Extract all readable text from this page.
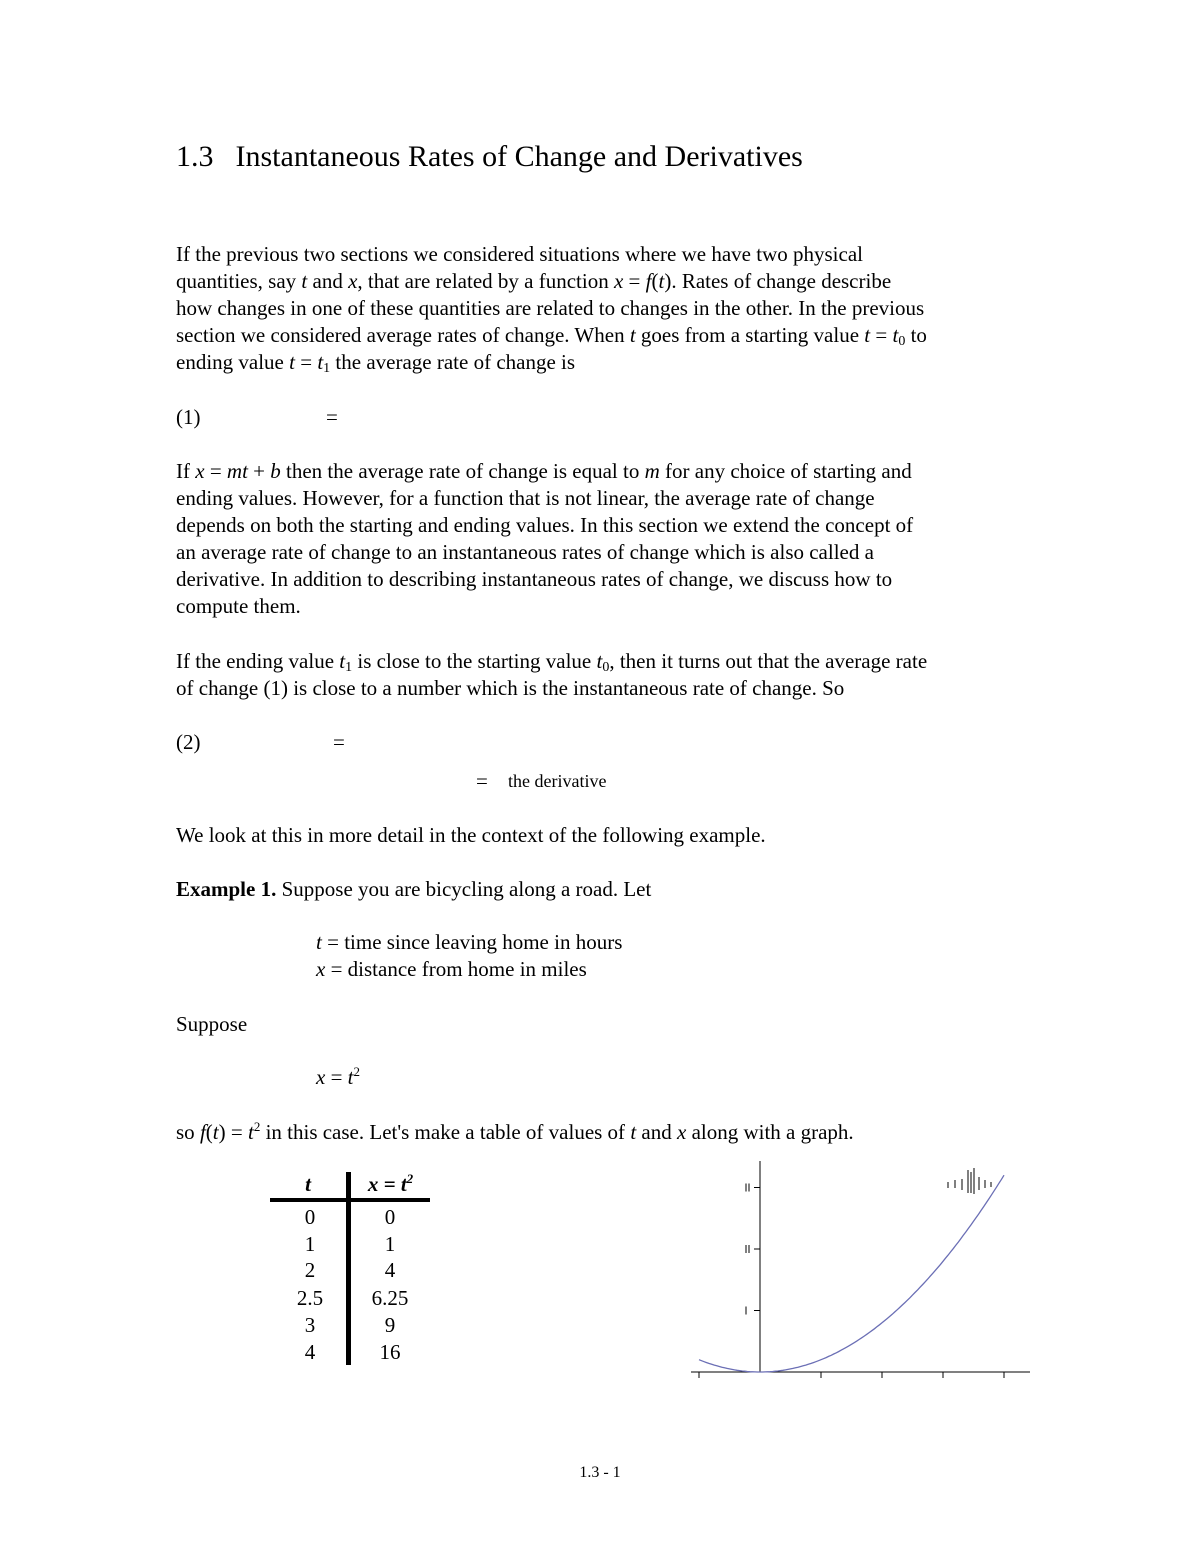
1.3 Instantaneous Rates of Change and Derivatives
If the previous two sections we considered situations where we have two physical
quantities, say t and x, that are related by a function x = f(t). Rates of change describe
how changes in one of these quantities are related to changes in the other. In the previous
section we considered average rates of change. When t goes from a starting value $t = t_0$ to
ending value $t = t_1$ the average rate of change is
(1)	=
If x = mt + b then the average rate of change is equal to m for any choice of starting and
ending values. However, for a function that is not linear, the average rate of change
depends on both the starting and ending values. In this section we extend the concept of
an average rate of change to an instantaneous rates of change which is also called a
derivative. In addition to describing instantaneous rates of change, we discuss how to
compute them.
If the ending value $t_1$ is close to the starting value $t_0$, then it turns out that the average rate
of change (1) is close to a number which is the instantaneous rate of change. So
(2)	=
= the derivative
We look at this in more detail in the context of the following example.
Example 1. Suppose you are bicycling along a road. Let
t = time since leaving home in hours
x = distance from home in miles
Suppose
$x = t^2$
so $f(t) = t^2$ in this case. Let's make a table of values of t and x along with a graph.
t	$x = t^2$
0	0
1	1
2	4
2.5	6.25
3	9
4	16
1.3 - 1
